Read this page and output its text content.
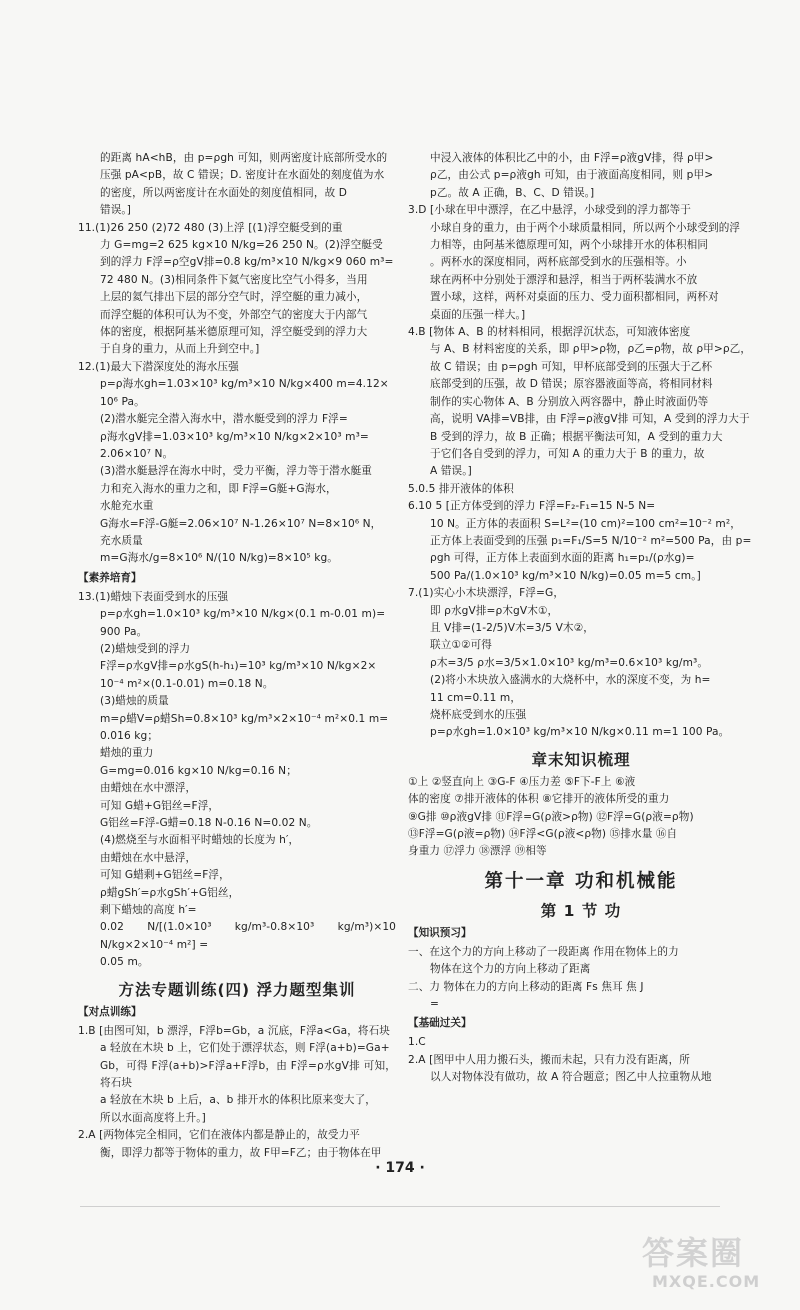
的距离 hA<hB，由 p=ρgh 可知，则两密度计底部所受水的
压强 pA<pB，故 C 错误；D. 密度计在水面处的刻度值为水
的密度，所以两密度计在水面处的刻度值相同，故 D
错误。]
11.(1)26 250 (2)72 480 (3)上浮 [(1)浮空艇受到的重
力 G=mg=2 625 kg×10 N/kg=26 250 N。(2)浮空艇受
到的浮力 F浮=ρ空gV排=0.8 kg/m³×10 N/kg×9 060 m³=
72 480 N。(3)相同条件下氦气密度比空气小得多，当用
上层的氦气排出下层的部分空气时，浮空艇的重力减小，
而浮空艇的体积可认为不变，外部空气的密度大于内部气
体的密度，根据阿基米德原理可知，浮空艇受到的浮力大
于自身的重力，从而上升到空中。]
12.(1)最大下潜深度处的海水压强
p=ρ海水gh=1.03×10³ kg/m³×10 N/kg×400 m=4.12×
10⁶ Pa。
(2)潜水艇完全潜入海水中，潜水艇受到的浮力 F浮=
ρ海水gV排=1.03×10³ kg/m³×10 N/kg×2×10³ m³=
2.06×10⁷ N。
(3)潜水艇悬浮在海水中时，受力平衡，浮力等于潜水艇重
力和充入海水的重力之和，即 F浮=G艇+G海水，
水舱充水重
G海水=F浮-G艇=2.06×10⁷ N-1.26×10⁷ N=8×10⁶ N，
充水质量
m=G海水/g=8×10⁶ N/(10 N/kg)=8×10⁵ kg。
【素养培育】
13.(1)蜡烛下表面受到水的压强
p=ρ水gh=1.0×10³ kg/m³×10 N/kg×(0.1 m-0.01 m)=
900 Pa。
(2)蜡烛受到的浮力
F浮=ρ水gV排=ρ水gS(h-h₁)=10³ kg/m³×10 N/kg×2×
10⁻⁴ m²×(0.1-0.01) m=0.18 N。
(3)蜡烛的质量
m=ρ蜡V=ρ蜡Sh=0.8×10³ kg/m³×2×10⁻⁴ m²×0.1 m=
0.016 kg；
蜡烛的重力
G=mg=0.016 kg×10 N/kg=0.16 N；
由蜡烛在水中漂浮，
可知 G蜡+G铝丝=F浮，
G铝丝=F浮-G蜡=0.18 N-0.16 N=0.02 N。
(4)燃烧至与水面相平时蜡烛的长度为 h′，
由蜡烛在水中悬浮，
可知 G蜡剩+G铝丝=F浮，
ρ蜡gSh′=ρ水gSh′+G铝丝，
剩下蜡烛的高度 h′=
0.02 N/[(1.0×10³ kg/m³-0.8×10³ kg/m³)×10 N/kg×2×10⁻⁴ m²] =
0.05 m。
方法专题训练(四) 浮力题型集训
【对点训练】
1.B [由图可知，b 漂浮，F浮b=Gb，a 沉底，F浮a<Ga，将石块
a 轻放在木块 b 上，它们处于漂浮状态，则 F浮(a+b)=Ga+
Gb，可得 F浮(a+b)>F浮a+F浮b，由 F浮=ρ水gV排 可知，将石块
a 轻放在木块 b 上后，a、b 排开水的体积比原来变大了，
所以水面高度将上升。]
2.A [两物体完全相同，它们在液体内都是静止的，故受力平
衡，即浮力都等于物体的重力，故 F甲=F乙；由于物体在甲
中浸入液体的体积比乙中的小，由 F浮=ρ液gV排，得 ρ甲>
ρ乙，由公式 p=ρ液gh 可知，由于液面高度相同，则 p甲>
p乙。故 A 正确，B、C、D 错误。]
3.D [小球在甲中漂浮，在乙中悬浮，小球受到的浮力都等于
小球自身的重力，由于两个小球质量相同，所以两个小球受到的浮
力相等，由阿基米德原理可知，两个小球排开水的体积相同
。两杯水的深度相同，两杯底部受到水的压强相等。小
球在两杯中分别处于漂浮和悬浮，相当于两杯装满水不放
置小球，这样，两杯对桌面的压力、受力面积都相同，两杯对
桌面的压强一样大。]
4.B [物体 A、B 的材料相同，根据浮沉状态，可知液体密度
与 A、B 材料密度的关系，即 ρ甲>ρ物，ρ乙=ρ物，故 ρ甲>ρ乙，
故 C 错误；由 p=ρgh 可知，甲杯底部受到的压强大于乙杯
底部受到的压强，故 D 错误；原容器液面等高，将相同材料
制作的实心物体 A、B 分别放入两容器中，静止时液面仍等
高，说明 VA排=VB排，由 F浮=ρ液gV排 可知，A 受到的浮力大于
B 受到的浮力，故 B 正确；根据平衡法可知，A 受到的重力大
于它们各自受到的浮力，可知 A 的重力大于 B 的重力，故
A 错误。]
5.0.5 排开液体的体积
6.10 5 [正方体受到的浮力 F浮=F₂-F₁=15 N-5 N=
10 N。正方体的表面积 S=L²=(10 cm)²=100 cm²=10⁻² m²，
正方体上表面受到的压强 p₁=F₁/S=5 N/10⁻² m²=500 Pa，由 p=
ρgh 可得，正方体上表面到水面的距离 h₁=p₁/(ρ水g)=
500 Pa/(1.0×10³ kg/m³×10 N/kg)=0.05 m=5 cm。]
7.(1)实心小木块漂浮，F浮=G，
即 ρ水gV排=ρ木gV木①，
且 V排=(1-2/5)V木=3/5 V木②，
联立①②可得
ρ木=3/5 ρ水=3/5×1.0×10³ kg/m³=0.6×10³ kg/m³。
(2)将小木块放入盛满水的大烧杯中，水的深度不变，为 h=
11 cm=0.11 m，
烧杯底受到水的压强
p=ρ水gh=1.0×10³ kg/m³×10 N/kg×0.11 m=1 100 Pa。
章末知识梳理
①上 ②竖直向上 ③G-F ④压力差 ⑤F下-F上 ⑥液
体的密度 ⑦排开液体的体积 ⑧它排开的液体所受的重力
⑨G排 ⑩ρ液gV排 ⑪F浮=G(ρ液>ρ物) ⑫F浮=G(ρ液=ρ物)
⑬F浮=G(ρ液=ρ物) ⑭F浮<G(ρ液<ρ物) ⑮排水量 ⑯自
身重力 ⑰浮力 ⑱漂浮 ⑲相等
第十一章 功和机械能
第 1 节 功
【知识预习】
一、在这个力的方向上移动了一段距离 作用在物体上的力
物体在这个力的方向上移动了距离
二、力 物体在力的方向上移动的距离 Fs 焦耳 焦 J
=
【基础过关】
1.C
2.A [图甲中人用力搬石头，搬而未起，只有力没有距离，所
以人对物体没有做功，故 A 符合题意；图乙中人拉重物从地
· 174 ·
答案圈
MXQE.COM
